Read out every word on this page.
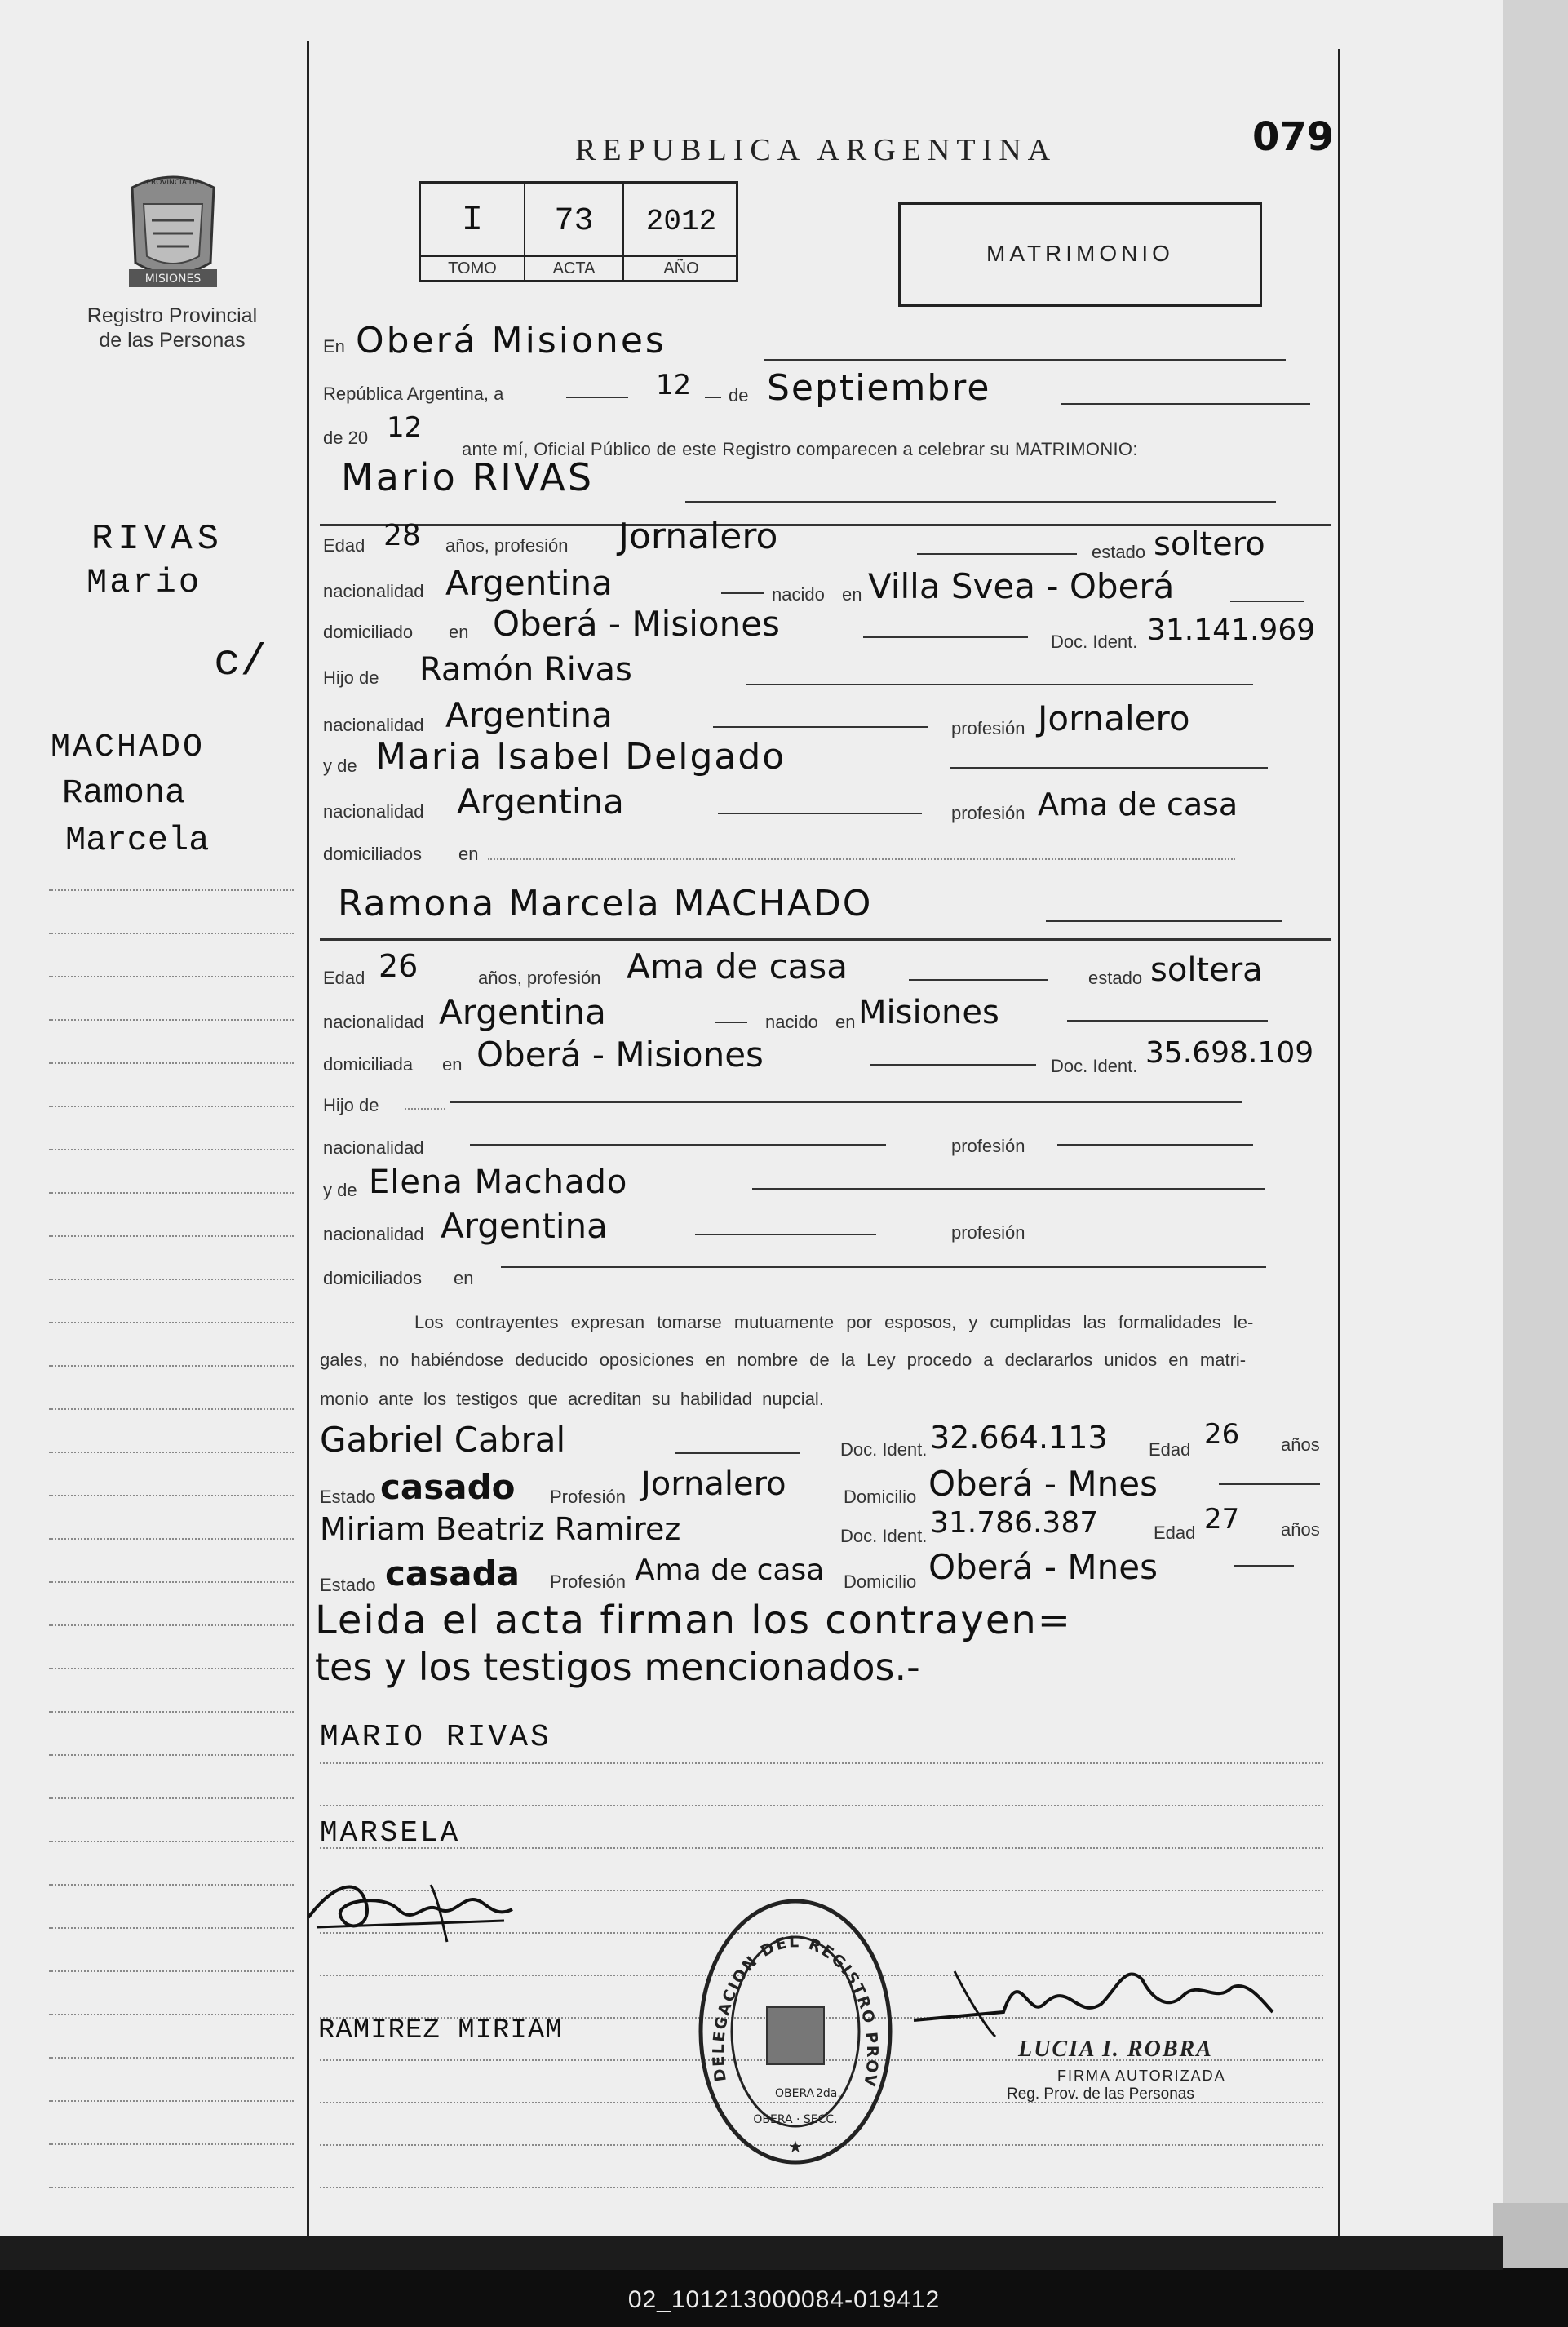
079
REPUBLICA ARGENTINA
PROVINCIA DE
MISIONES
Registro Provincial de las Personas
I	73	2012
TOMO	ACTA	AÑO
MATRIMONIO
RIVAS
Mario
c/
MACHADO
Ramona
Marcela
En Oberá Misiones
República Argentina, a	12 de Septiembre
de 20 12
ante mí, Oficial Público de este Registro comparecen a celebrar su MATRIMONIO:
Mario RIVAS
Edad 28 años, profesión Jornalero	estado soltero
nacionalidad Argentina	nacido en Villa Svea - Oberá
domiciliado en Oberá - Misiones	Doc. Ident. 31.141.969
Hijo de Ramón Rivas
nacionalidad Argentina	profesión Jornalero
y de Maria Isabel Delgado
nacionalidad Argentina	profesión Ama de casa
domiciliados en
Ramona Marcela MACHADO
Edad 26	años, profesión Ama de casa	estado soltera
nacionalidad Argentina	nacido en Misiones
domiciliada en Oberá - Misiones	Doc. Ident. 35.698.109
Hijo de
nacionalidad	profesión
y de Elena Machado
nacionalidad Argentina	profesión
domiciliados en
Los contrayentes expresan tomarse mutuamente por esposos, y cumplidas las formalidades le-
gales, no habiéndose deducido oposiciones en nombre de la Ley procedo a declararlos unidos en matri-
monio ante los testigos que acreditan su habilidad nupcial.
Gabriel Cabral	Doc. Ident. 32.664.113 Edad 26 años
Estado casado Profesión Jornalero	Domicilio Oberá - Mnes
Miriam Beatriz Ramirez	Doc. Ident. 31.786.387	Edad 27 años
Estado casada Profesión Ama de casa Domicilio Oberá - Mnes
Leida el acta firman los contrayen=
tes y los testigos mencionados.-
MARIO RIVAS
MARSELA
RAMIREZ MIRIAM
DELEGACION DEL REGISTRO PROV
OBERA 2da.
OBERA · SECC.
★
LUCIA I. ROBRA
FIRMA AUTORIZADA
Reg. Prov. de las Personas
02_101213000084-019412
